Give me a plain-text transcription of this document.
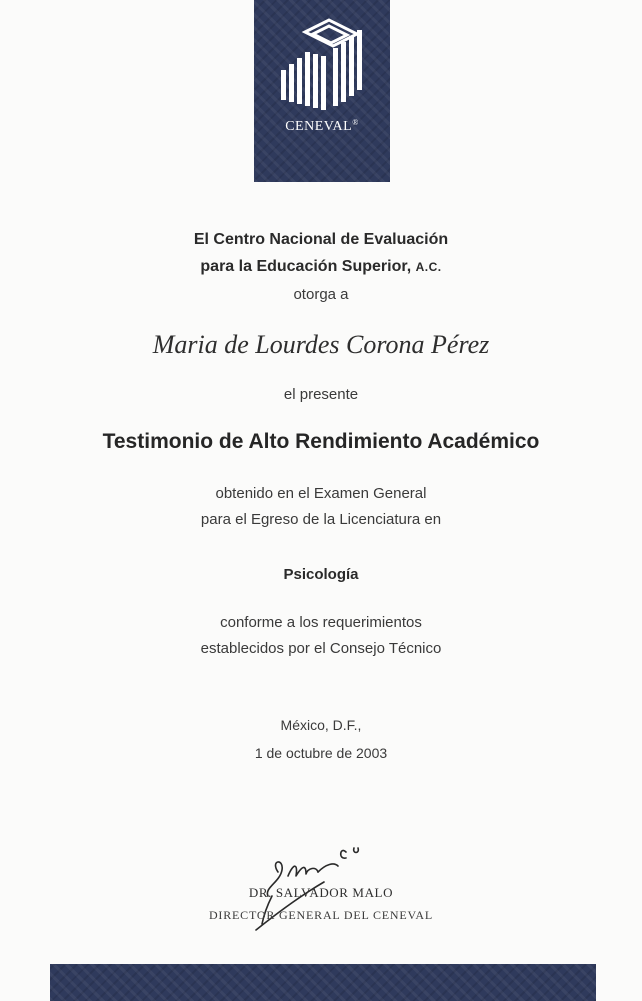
CENEVAL®
El Centro Nacional de Evaluación
para la Educación Superior, A.C.
otorga a
Maria de Lourdes Corona Pérez
el presente
Testimonio de Alto Rendimiento Académico
obtenido en el Examen General
para el Egreso de la Licenciatura en
Psicología
conforme a los requerimientos
establecidos por el Consejo Técnico
México, D.F.,
1 de octubre de 2003
DR. SALVADOR MALO
DIRECTOR GENERAL DEL CENEVAL
